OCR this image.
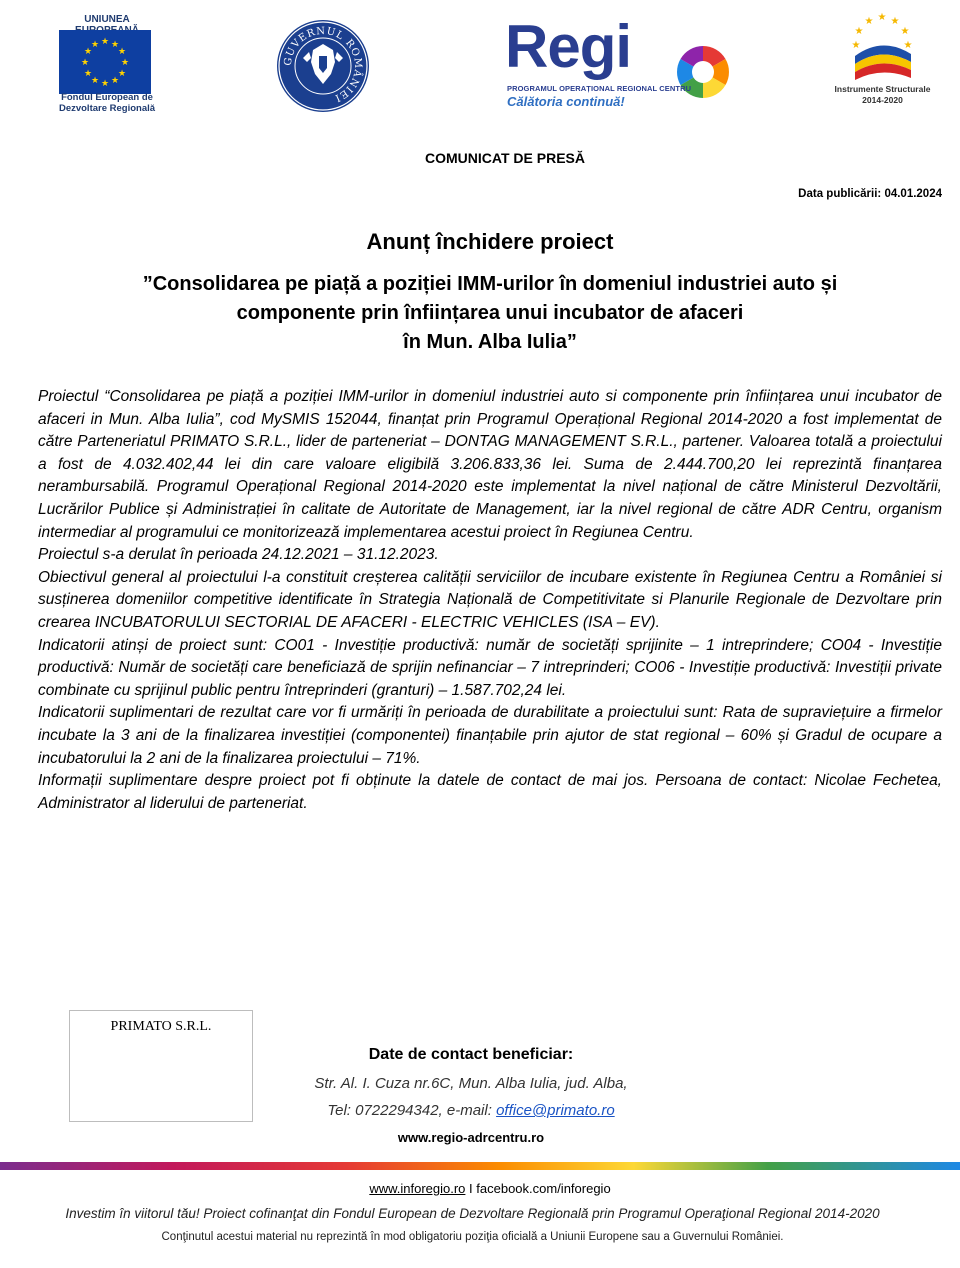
UNIUNEA
★ ★
★
★
★
★
★
★
★
★
★
★
Fondul European de
Dezvoltare Regională
GUVERNUL ROMÂNIEI
Regi
PROGRAMUL OPERAȚIONAL REGIONAL CENTRU
Călătoria continuă!
★ ★
★
★
★
★
★
Instrumente Structurale
2014-2020
COMUNICAT DE PRESĂ
Data publicării: 04.01.2024
Anunț închidere proiect
”Consolidarea pe piață a poziției IMM-urilor în domeniul industriei auto și
componente prin înființarea unui incubator de afaceri
în Mun. Alba Iulia”

Proiectul “Consolidarea pe piață a poziției IMM-urilor in domeniul industriei auto si componente prin înființarea unui incubator de afaceri in Mun. Alba Iulia”, cod MySMIS 152044, finanțat prin Programul Operațional Regional 2014-2020 a fost implementat de către Parteneriatul PRIMATO S.R.L., lider de parteneriat – DONTAG MANAGEMENT S.R.L., partener. Valoarea totală a proiectului a fost de 4.032.402,44 lei din care valoare eligibilă 3.206.833,36 lei. Suma de 2.444.700,20 lei reprezintă finanțarea nerambursabilă. Programul Operațional Regional 2014-2020 este implementat la nivel național de către Ministerul Dezvoltării, Lucrărilor Publice și Administrației în calitate de Autoritate de Management, iar la nivel regional de către ADR Centru, organism intermediar al programului ce monitorizează implementarea acestui proiect în Regiunea Centru.

Proiectul s-a derulat în perioada 24.12.2021 – 31.12.2023.

Obiectivul general al proiectului l-a constituit creșterea calității serviciilor de incubare existente în Regiunea Centru a României si susținerea domeniilor competitive identificate în Strategia Națională de Competitivitate si Planurile Regionale de Dezvoltare prin crearea INCUBATORULUI SECTORIAL DE AFACERI - ELECTRIC VEHICLES (ISA – EV).

Indicatorii atinși de proiect sunt: CO01 - Investiție productivă: număr de societăți sprijinite – 1 intreprindere; CO04 - Investiție productivă: Număr de societăți care beneficiază de sprijin nefinanciar – 7 intreprinderi; CO06 - Investiție productivă: Investiții private combinate cu sprijinul public pentru întreprinderi (granturi) – 1.587.702,24 lei.

Indicatorii suplimentari de rezultat care vor fi urmăriți în perioada de durabilitate a proiectului sunt: Rata de supraviețuire a firmelor incubate la 3 ani de la finalizarea investiției (componentei) finanțabile prin ajutor de stat regional – 60% și Gradul de ocupare a incubatorului la 2 ani de la finalizarea proiectului – 71%.

Informații suplimentare despre proiect pot fi obținute la datele de contact de mai jos. Persoana de contact: Nicolae Fechetea, Administrator al liderului de parteneriat.

PRIMATO S.R.L.
Date de contact beneficiar:
Str. Al. I. Cuza nr.6C, Mun. Alba Iulia, jud. Alba,
Tel: 0722294342, e-mail: office@primato.ro
www.regio-adrcentru.ro
www.inforegio.ro I facebook.com/inforegio
Investim în viitorul tău! Proiect cofinanţat din Fondul European de Dezvoltare Regională prin Programul Operaţional Regional 2014-2020
Conţinutul acestui material nu reprezintă în mod obligatoriu poziţia oficială a Uniunii Europene sau a Guvernului României.
